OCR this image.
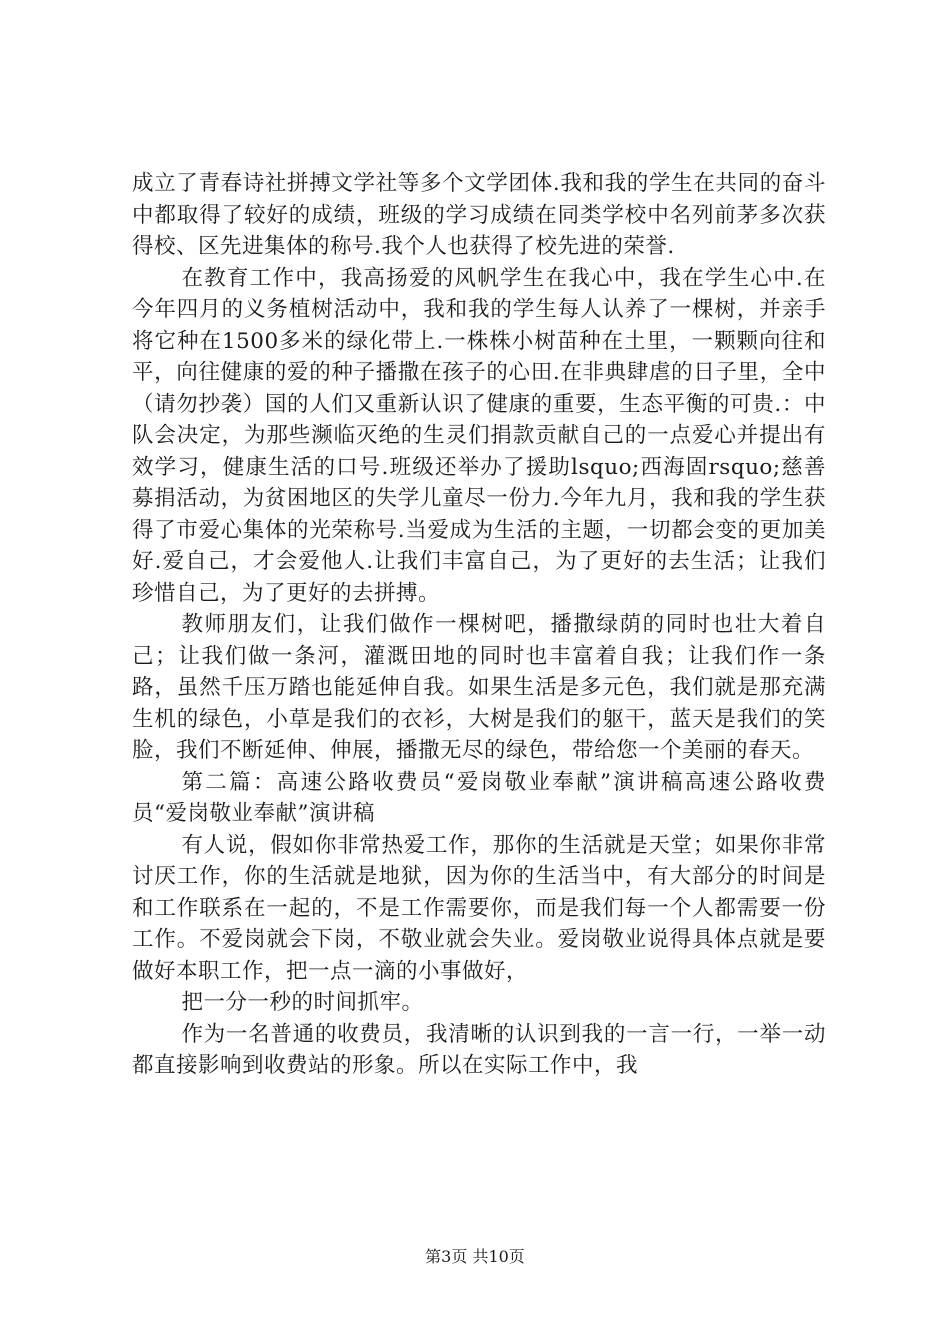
成立了青春诗社拼搏文学社等多个文学团体.我和我的学生在共同的奋斗中都取得了较好的成绩，班级的学习成绩在同类学校中名列前茅多次获得校、区先进集体的称号.我个人也获得了校先进的荣誉.

在教育工作中，我高扬爱的风帆学生在我心中，我在学生心中.在今年四月的义务植树活动中，我和我的学生每人认养了一棵树，并亲手将它种在1500多米的绿化带上.一株株小树苗种在土里，一颗颗向往和平，向往健康的爱的种子播撒在孩子的心田.在非典肆虐的日子里，全中（请勿抄袭）国的人们又重新认识了健康的重要，生态平衡的可贵.：中队会决定，为那些濒临灭绝的生灵们捐款贡献自己的一点爱心并提出有效学习，健康生活的口号.班级还举办了援助lsquo;西海固rsquo;慈善募捐活动，为贫困地区的失学儿童尽一份力.今年九月，我和我的学生获得了市爱心集体的光荣称号.当爱成为生活的主题，一切都会变的更加美好.爱自己，才会爱他人.让我们丰富自己，为了更好的去生活；让我们珍惜自己，为了更好的去拼搏。

教师朋友们，让我们做作一棵树吧，播撒绿荫的同时也壮大着自己；让我们做一条河，灌溉田地的同时也丰富着自我；让我们作一条路，虽然千压万踏也能延伸自我。如果生活是多元色，我们就是那充满生机的绿色，小草是我们的衣衫，大树是我们的躯干，蓝天是我们的笑脸，我们不断延伸、伸展，播撒无尽的绿色，带给您一个美丽的春天。

第二篇：高速公路收费员“爱岗敬业奉献”演讲稿高速公路收费员“爱岗敬业奉献”演讲稿

有人说，假如你非常热爱工作，那你的生活就是天堂；如果你非常讨厌工作，你的生活就是地狱，因为你的生活当中，有大部分的时间是和工作联系在一起的，不是工作需要你，而是我们每一个人都需要一份工作。不爱岗就会下岗，不敬业就会失业。爱岗敬业说得具体点就是要做好本职工作，把一点一滴的小事做好，

把一分一秒的时间抓牢。

作为一名普通的收费员，我清晰的认识到我的一言一行，一举一动都直接影响到收费站的形象。所以在实际工作中，我

第3页 共10页
